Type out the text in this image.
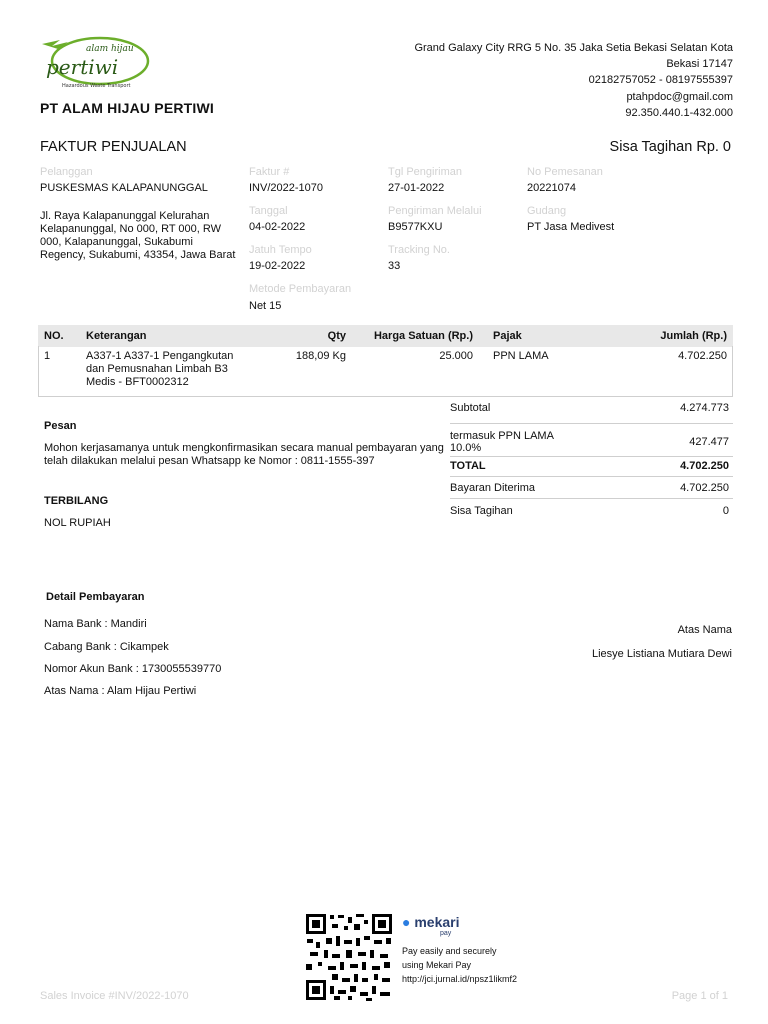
alam hijau
pertiwi
Hazardous Waste Transport
PT ALAM HIJAU PERTIWI
Grand Galaxy City RRG 5 No. 35 Jaka Setia Bekasi Selatan Kota
Bekasi 17147
02182757052 - 08197555397
ptahpdoc@gmail.com
92.350.440.1-432.000
FAKTUR PENJUALAN	Sisa Tagihan Rp. 0
Pelanggan
PUSKESMAS KALAPANUNGGAL
Jl. Raya Kalapanunggal Kelurahan Kelapanunggal, No 000, RT 000, RW 000, Kalapanunggal, Sukabumi Regency, Sukabumi, 43354, Jawa Barat
Faktur #
INV/2022-1070
Tanggal
04-02-2022
Jatuh Tempo
19-02-2022
Metode Pembayaran
Net 15
Tgl Pengiriman
27-01-2022
Pengiriman Melalui
B9577KXU
Tracking No.
33
No Pemesanan
20221074
Gudang
PT Jasa Medivest
NO.	Keterangan	Qty	Harga Satuan (Rp.)	Pajak	Jumlah (Rp.)
1	A337-1 A337-1 Pengangkutan dan Pemusnahan Limbah B3 Medis - BFT0002312	188,09 Kg	25.000	PPN LAMA	4.702.250
Subtotal	4.274.773
termasuk PPN LAMA 10.0%	427.477
TOTAL	4.702.250
Bayaran Diterima	4.702.250
Sisa Tagihan	0
Pesan
Mohon kerjasamanya untuk mengkonfirmasikan secara manual pembayaran yang telah dilakukan melalui pesan Whatsapp ke Nomor : 0811-1555-397
TERBILANG
NOL RUPIAH
Detail Pembayaran
Nama Bank : Mandiri
Cabang Bank : Cikampek
Nomor Akun Bank : 1730055539770
Atas Nama : Alam Hijau Pertiwi
Atas Nama
Liesye Listiana Mutiara Dewi
● mekari
pay
Pay easily and securely
using Mekari Pay
http://jci.jurnal.id/npsz1likmf2
Sales Invoice #INV/2022-1070	Page 1 of 1
